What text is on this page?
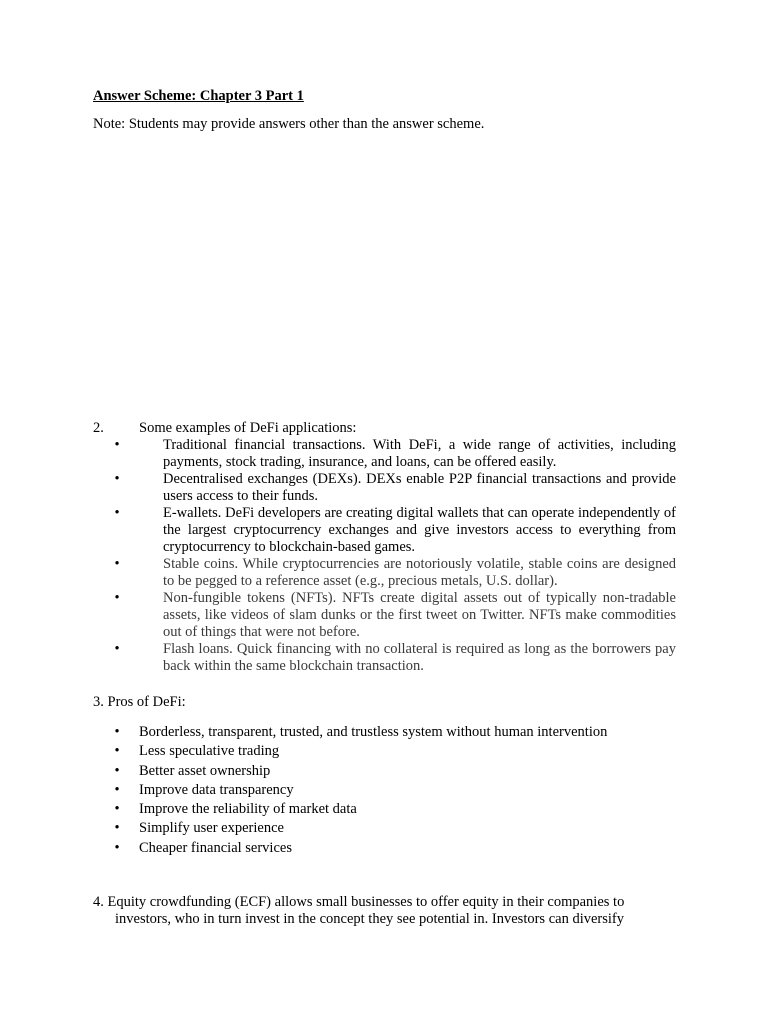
Answer Scheme: Chapter 3 Part 1
Note: Students may provide answers other than the answer scheme.
2. Some examples of DeFi applications:
•	Traditional financial transactions. With DeFi, a wide range of activities, including payments, stock trading, insurance, and loans, can be offered easily.
•	Decentralised exchanges (DEXs). DEXs enable P2P financial transactions and provide users access to their funds.
•	E-wallets. DeFi developers are creating digital wallets that can operate independently of the largest cryptocurrency exchanges and give investors access to everything from cryptocurrency to blockchain-based games.
•	Stable coins. While cryptocurrencies are notoriously volatile, stable coins are designed to be pegged to a reference asset (e.g., precious metals, U.S. dollar).
•	Non-fungible tokens (NFTs). NFTs create digital assets out of typically non-tradable assets, like videos of slam dunks or the first tweet on Twitter. NFTs make commodities out of things that were not before.
•	Flash loans. Quick financing with no collateral is required as long as the borrowers pay back within the same blockchain transaction.
3. Pros of DeFi:
•	Borderless, transparent, trusted, and trustless system without human intervention
•	Less speculative trading
•	Better asset ownership
•	Improve data transparency
•	Improve the reliability of market data
•	Simplify user experience
•	Cheaper financial services
4. Equity crowdfunding (ECF) allows small businesses to offer equity in their companies to
investors, who in turn invest in the concept they see potential in. Investors can diversify
